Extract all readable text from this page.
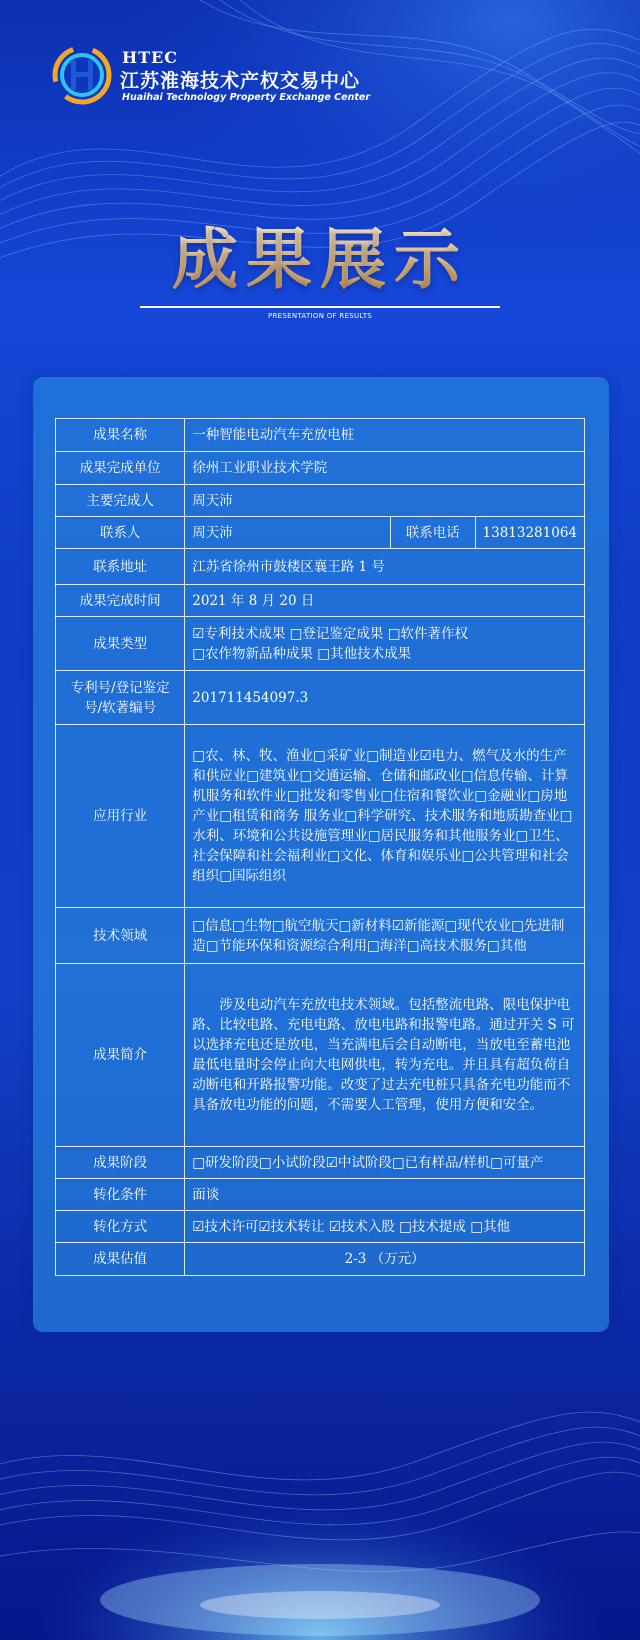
HTEC
江苏淮海技术产权交易中心
Huaihai Technology Property Exchange Center
成果展示
PRESENTATION OF RESULTS
成果名称	一种智能电动汽车充放电桩		
成果完成单位	徐州工业职业技术学院		
主要完成人	周天沛		
联系人	周天沛	联系电话	13813281064
联系地址	江苏省徐州市鼓楼区襄王路 1 号		
成果完成时间	2021 年 8 月 20 日		
成果类型	☑专利技术成果 □登记鉴定成果 □软件著作权
□农作物新品种成果 □其他技术成果		
专利号/登记鉴定号/软著编号	201711454097.3		
应用行业	□农、林、牧、渔业□采矿业□制造业☑电力、燃气及水的生产和供应业□建筑业□交通运输、仓储和邮政业□信息传输、计算机服务和软件业□批发和零售业□住宿和餐饮业□金融业□房地产业□租赁和商务 服务业□科学研究、技术服务和地质勘查业□水利、环境和公共设施管理业□居民服务和其他服务业□卫生、社会保障和社会福利业□文化、体育和娱乐业□公共管理和社会组织□国际组织		
技术领域	□信息□生物□航空航天□新材料☑新能源□现代农业□先进制造□节能环保和资源综合利用□海洋□高技术服务□其他		
成果简介	　　涉及电动汽车充放电技术领域。包括整流电路、限电保护电路、比较电路、充电电路、放电电路和报警电路。通过开关 S 可以选择充电还是放电，当充满电后会自动断电，当放电至蓄电池最低电量时会停止向大电网供电，转为充电。并且具有超负荷自动断电和开路报警功能。改变了过去充电桩只具备充电功能而不具备放电功能的问题，不需要人工管理，使用方便和安全。		
成果阶段	□研发阶段□小试阶段☑中试阶段□已有样品/样机□可量产		
转化条件	面谈		
转化方式	☑技术许可☑技术转让 ☑技术入股 □技术提成 □其他		
成果估值	2-3 （万元）		
